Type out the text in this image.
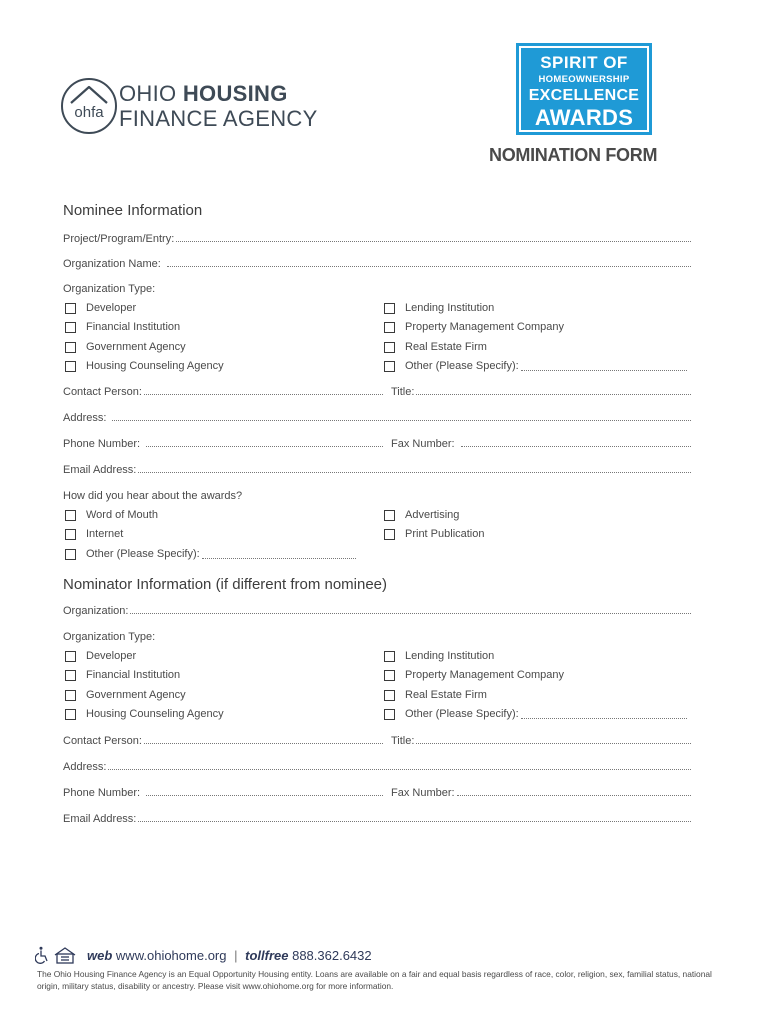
ohfa
OHIO HOUSING
FINANCE AGENCY
SPIRIT OF
HOMEOWNERSHIP
EXCELLENCE
AWARDS
NOMINATION FORM
Nominee Information
Project/Program/Entry:
Organization Name:
Organization Type:
Developer
Financial Institution
Government Agency
Housing Counseling Agency
Lending Institution
Property Management Company
Real Estate Firm
Other (Please Specify):
Contact Person:	Title:
Address:
Phone Number:	Fax Number:
Email Address:
How did you hear about the awards?
Word of Mouth
Internet
Other (Please Specify):
Advertising
Print Publication
Nominator Information (if different from nominee)
Organization:
Organization Type:
Developer
Financial Institution
Government Agency
Housing Counseling Agency
Lending Institution
Property Management Company
Real Estate Firm
Other (Please Specify):
Contact Person:	Title:
Address:
Phone Number:	Fax Number:
Email Address:
web www.ohiohome.org | tollfree 888.362.6432
The Ohio Housing Finance Agency is an Equal Opportunity Housing entity. Loans are available on a fair and equal basis regardless of race, color, religion, sex, familial status, national origin, military status, disability or ancestry. Please visit www.ohiohome.org for more information.
